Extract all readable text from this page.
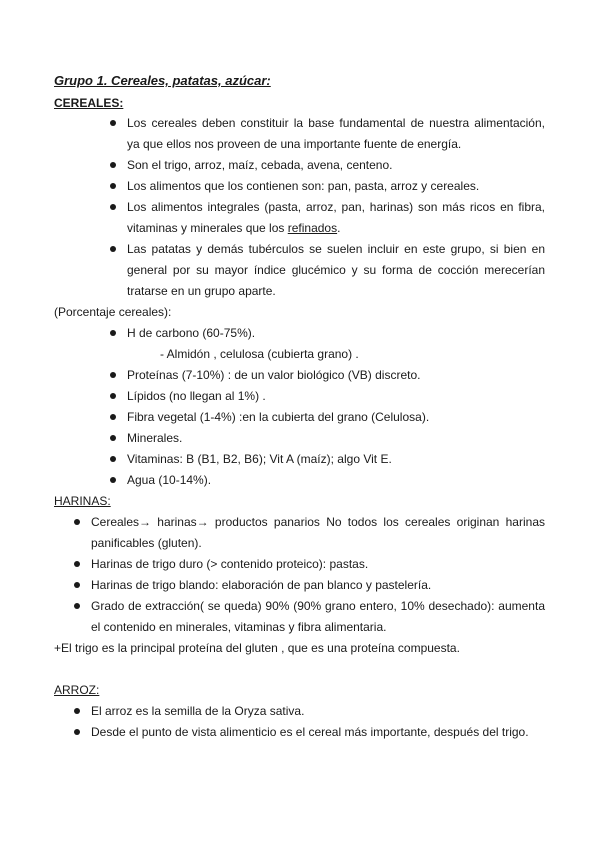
Grupo 1. Cereales, patatas, azúcar:
CEREALES:
Los cereales deben constituir la base fundamental de nuestra alimentación,
ya que ellos nos proveen de una importante fuente de energía.
Son el trigo, arroz, maíz, cebada, avena, centeno.
Los alimentos que los contienen son: pan, pasta, arroz y cereales.
Los alimentos integrales (pasta, arroz, pan, harinas) son más ricos en fibra,
vitaminas y minerales que los refinados.
Las patatas y demás tubérculos se suelen incluir en este grupo, si bien en
general por su mayor índice glucémico y su forma de cocción merecerían
tratarse en un grupo aparte.
(Porcentaje cereales):
H de carbono (60-75%).
- Almidón , celulosa (cubierta grano) .
Proteínas (7-10%) : de un valor biológico (VB) discreto.
Lípidos (no llegan al 1%) .
Fibra vegetal (1-4%) :en la cubierta del grano (Celulosa).
Minerales.
Vitaminas: B (B1, B2, B6); Vit A (maíz); algo Vit E.
Agua (10-14%).
HARINAS:
Cereales→ harinas→ productos panarios No todos los cereales originan harinas
panificables (gluten).
Harinas de trigo duro (> contenido proteico): pastas.
Harinas de trigo blando: elaboración de pan blanco y pastelería.
Grado de extracción( se queda) 90% (90% grano entero, 10% desechado): aumenta
el contenido en minerales, vitaminas y fibra alimentaria.
+El trigo es la principal proteína del gluten , que es una proteína compuesta.
ARROZ:
El arroz es la semilla de la Oryza sativa.
Desde el punto de vista alimenticio es el cereal más importante, después del trigo.
